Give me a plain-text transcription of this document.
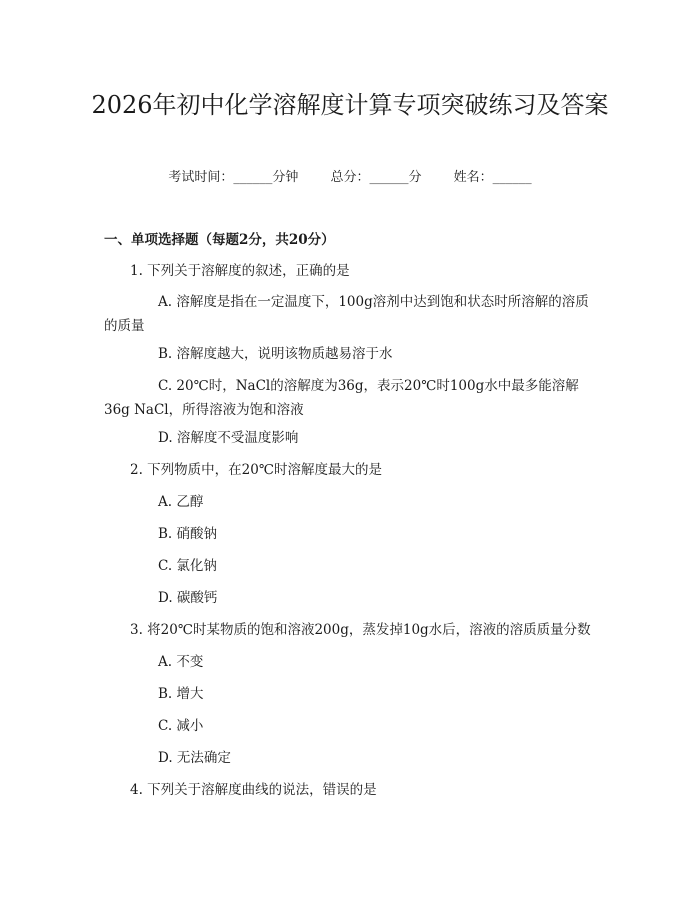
2026年初中化学溶解度计算专项突破练习及答案
考试时间：______分钟 总分：______分 姓名：______
一、单项选择题（每题2分，共20分）
1. 下列关于溶解度的叙述，正确的是
A. 溶解度是指在一定温度下，100g溶剂中达到饱和状态时所溶解的溶质的质量
B. 溶解度越大，说明该物质越易溶于水
C. 20℃时，NaCl的溶解度为36g，表示20℃时100g水中最多能溶解36g NaCl，所得溶液为饱和溶液
D. 溶解度不受温度影响
2. 下列物质中，在20℃时溶解度最大的是
A. 乙醇
B. 硝酸钠
C. 氯化钠
D. 碳酸钙
3. 将20℃时某物质的饱和溶液200g，蒸发掉10g水后，溶液的溶质质量分数
A. 不变
B. 增大
C. 减小
D. 无法确定
4. 下列关于溶解度曲线的说法，错误的是
